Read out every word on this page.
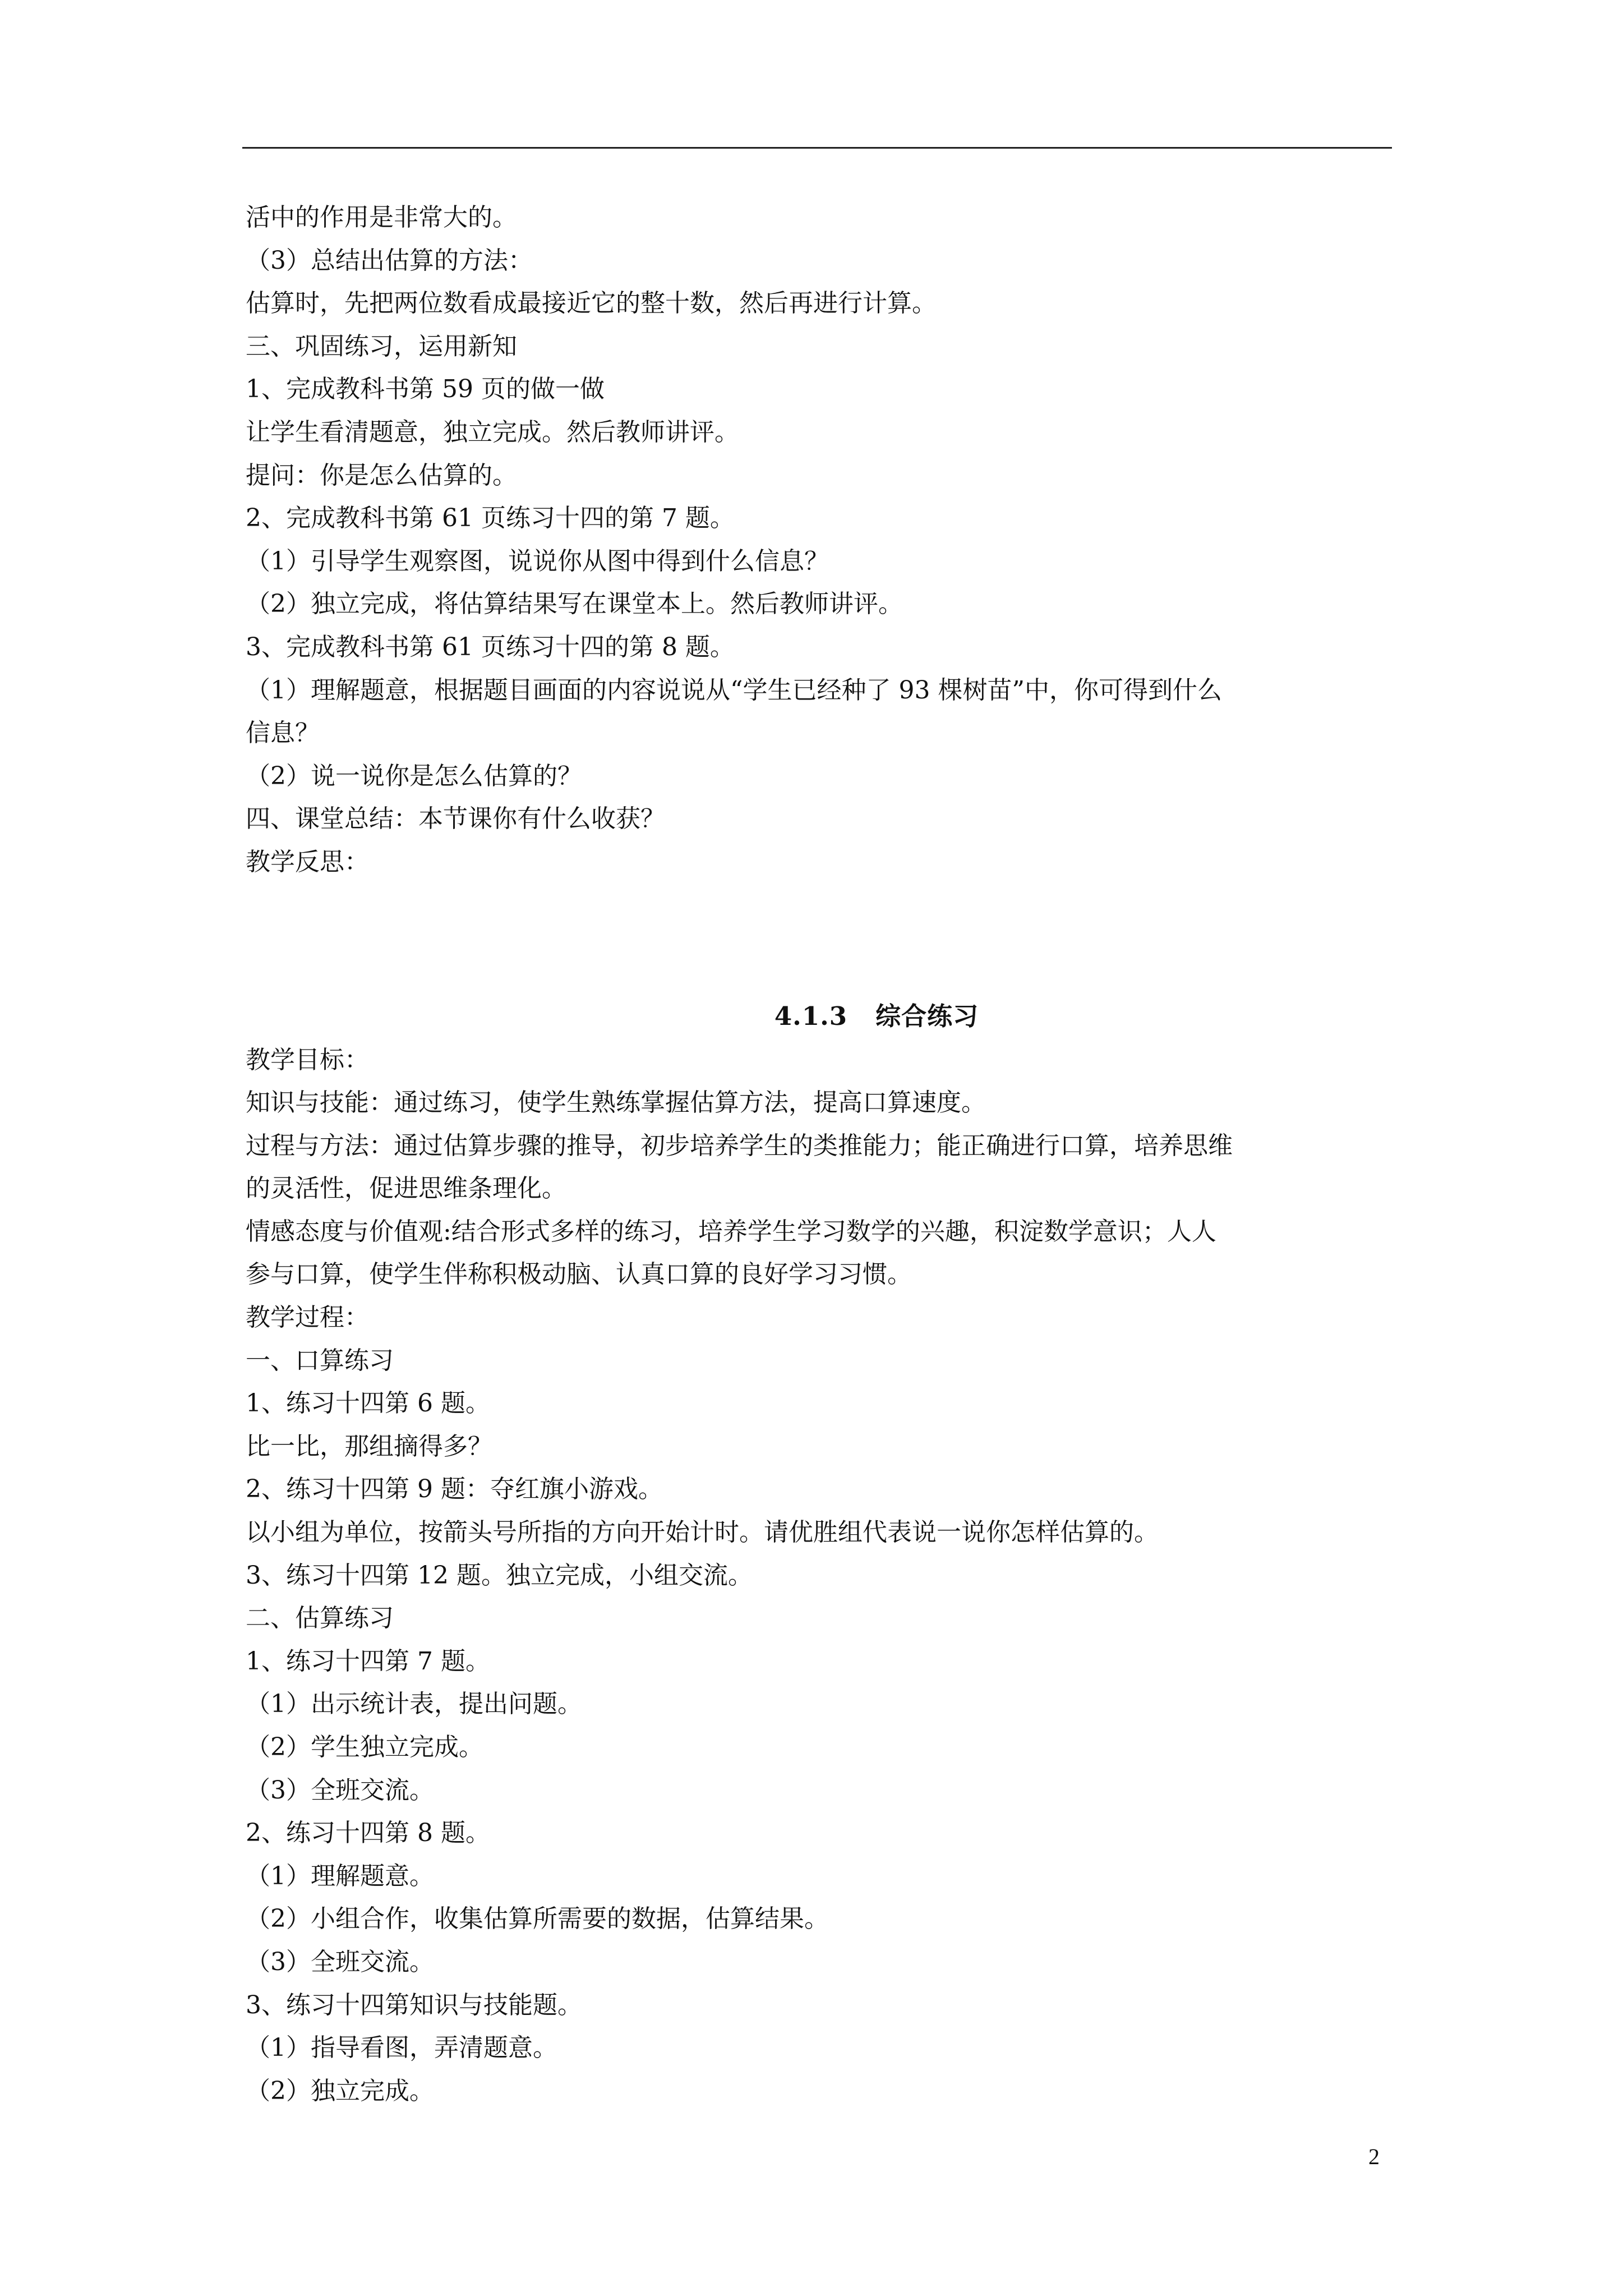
活中的作用是非常大的。
（3）总结出估算的方法：
估算时，先把两位数看成最接近它的整十数，然后再进行计算。
三、巩固练习，运用新知
1、完成教科书第 59 页的做一做
让学生看清题意，独立完成。然后教师讲评。
提问：你是怎么估算的。
2、完成教科书第 61 页练习十四的第 7 题。
（1）引导学生观察图，说说你从图中得到什么信息？
（2）独立完成，将估算结果写在课堂本上。然后教师讲评。
3、完成教科书第 61 页练习十四的第 8 题。
（1）理解题意，根据题目画面的内容说说从“学生已经种了 93 棵树苗”中，你可得到什么
信息？
（2）说一说你是怎么估算的？
四、课堂总结：本节课你有什么收获？
教学反思：
4.1.3 综合练习
教学目标：
知识与技能：通过练习，使学生熟练掌握估算方法，提高口算速度。
过程与方法：通过估算步骤的推导，初步培养学生的类推能力；能正确进行口算，培养思维
的灵活性，促进思维条理化。
情感态度与价值观:结合形式多样的练习，培养学生学习数学的兴趣，积淀数学意识；人人
参与口算，使学生伴称积极动脑、认真口算的良好学习习惯。
教学过程：
一、口算练习
1、练习十四第 6 题。
比一比，那组摘得多？
2、练习十四第 9 题：夺红旗小游戏。
以小组为单位，按箭头号所指的方向开始计时。请优胜组代表说一说你怎样估算的。
3、练习十四第 12 题。独立完成，小组交流。
二、估算练习
1、练习十四第 7 题。
（1）出示统计表，提出问题。
（2）学生独立完成。
（3）全班交流。
2、练习十四第 8 题。
（1）理解题意。
（2）小组合作，收集估算所需要的数据，估算结果。
（3）全班交流。
3、练习十四第知识与技能题。
（1）指导看图，弄清题意。
（2）独立完成。
2
